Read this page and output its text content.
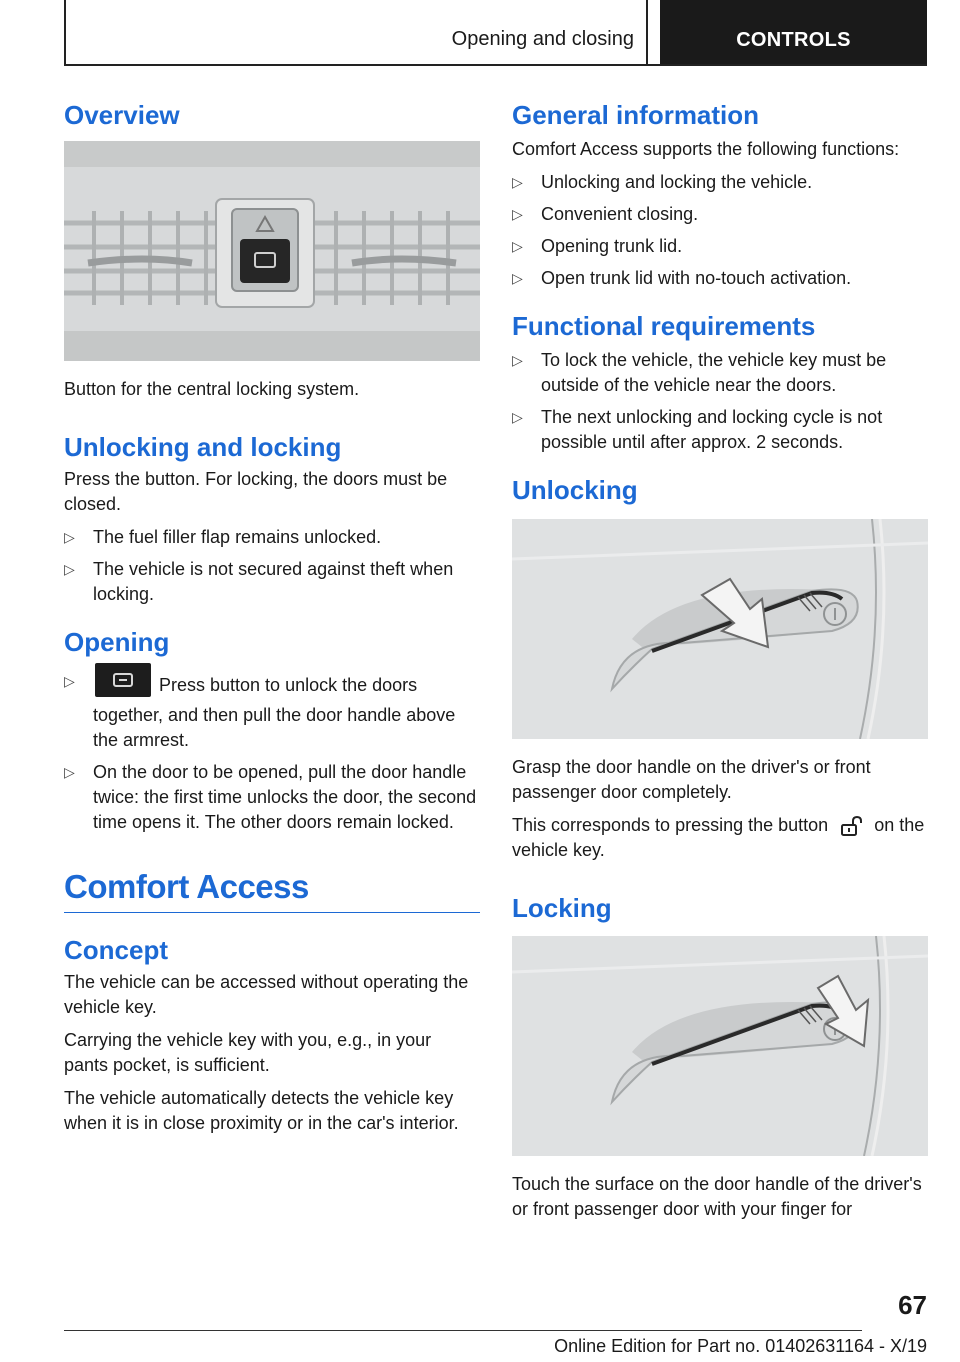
Opening and closing	CONTROLS
Overview

Button for the central locking system.

Unlocking and locking

Press the button. For locking, the doors must be closed.

▷ The fuel filler flap remains unlocked.
▷ The vehicle is not secured against theft when locking.
Opening
▷	Press button to unlock the doors together, and then pull the door handle above the armrest.
▷ On the door to be opened, pull the door handle twice: the first time unlocks the door, the second time opens it. The other doors remain locked.
Comfort Access
Concept

The vehicle can be accessed without operating the vehicle key.

Carrying the vehicle key with you, e.g., in your pants pocket, is sufficient.

The vehicle automatically detects the vehicle key when it is in close proximity or in the car's interior.

General information

Comfort Access supports the following functions:

▷ Unlocking and locking the vehicle.
▷ Convenient closing.
▷ Opening trunk lid.
▷ Open trunk lid with no-touch activation.
Functional requirements
▷ To lock the vehicle, the vehicle key must be outside of the vehicle near the doors.
▷ The next unlocking and locking cycle is not possible until after approx. 2 seconds.
Unlocking

Grasp the door handle on the driver's or front passenger door completely.

This corresponds to pressing the button	on the vehicle key.

Locking

Touch the surface on the door handle of the driver's or front passenger door with your finger for

67
Online Edition for Part no. 01402631164 - X/19
